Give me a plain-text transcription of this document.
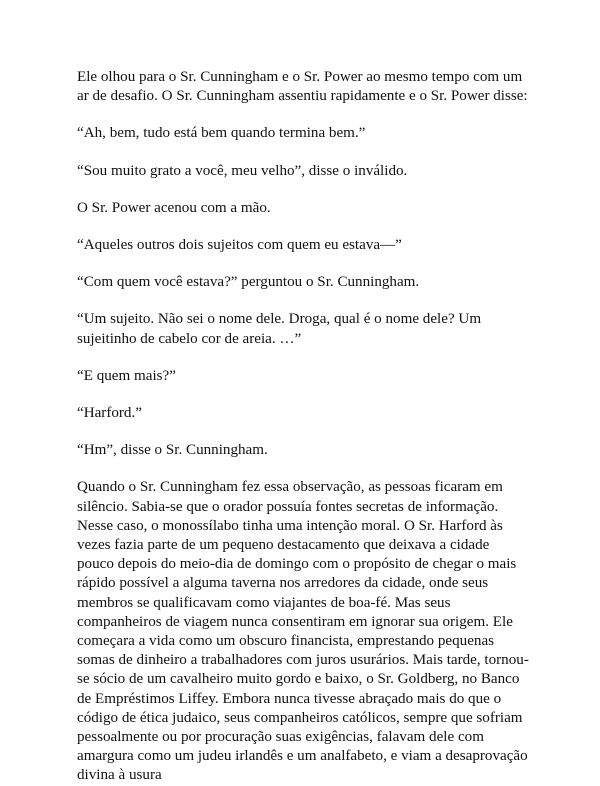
Ele olhou para o Sr. Cunningham e o Sr. Power ao mesmo tempo com um ar de desafio. O Sr. Cunningham assentiu rapidamente e o Sr. Power disse:

“Ah, bem, tudo está bem quando termina bem.”

“Sou muito grato a você, meu velho”, disse o inválido.

O Sr. Power acenou com a mão.

“Aqueles outros dois sujeitos com quem eu estava—”

“Com quem você estava?” perguntou o Sr. Cunningham.

“Um sujeito. Não sei o nome dele. Droga, qual é o nome dele? Um sujeitinho de cabelo cor de areia. …”

“E quem mais?”

“Harford.”

“Hm”, disse o Sr. Cunningham.

Quando o Sr. Cunningham fez essa observação, as pessoas ficaram em silêncio. Sabia-se que o orador possuía fontes secretas de informação. Nesse caso, o monossílabo tinha uma intenção moral. O Sr. Harford às vezes fazia parte de um pequeno destacamento que deixava a cidade pouco depois do meio-dia de domingo com o propósito de chegar o mais rápido possível a alguma taverna nos arredores da cidade, onde seus membros se qualificavam como viajantes de boa-fé. Mas seus companheiros de viagem nunca consentiram em ignorar sua origem. Ele começara a vida como um obscuro financista, emprestando pequenas somas de dinheiro a trabalhadores com juros usurários. Mais tarde, tornou-se sócio de um cavalheiro muito gordo e baixo, o Sr. Goldberg, no Banco de Empréstimos Liffey. Embora nunca tivesse abraçado mais do que o código de ética judaico, seus companheiros católicos, sempre que sofriam pessoalmente ou por procuração suas exigências, falavam dele com amargura como um judeu irlandês e um analfabeto, e viam a desaprovação divina à usura
